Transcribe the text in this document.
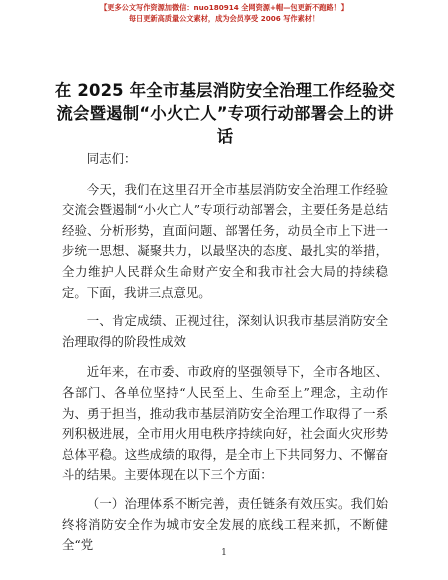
【更多公文写作资源加微信：nuo180914 全网资源+帽—包更新不跑路！】
每日更新高质量公文素材，成为会员享受 2006 写作素材！
在 2025 年全市基层消防安全治理工作经验交流会暨遏制“小火亡人”专项行动部署会上的讲话

同志们：

今天，我们在这里召开全市基层消防安全治理工作经验交流会暨遏制“小火亡人”专项行动部署会，主要任务是总结经验、分析形势，直面问题、部署任务，动员全市上下进一步统一思想、凝聚共力，以最坚决的态度、最扎实的举措，全力维护人民群众生命财产安全和我市社会大局的持续稳定。下面，我讲三点意见。

一、肯定成绩、正视过往，深刻认识我市基层消防安全治理取得的阶段性成效

近年来，在市委、市政府的坚强领导下，全市各地区、各部门、各单位坚持“人民至上、生命至上”理念，主动作为、勇于担当，推动我市基层消防安全治理工作取得了一系列积极进展，全市用火用电秩序持续向好，社会面火灾形势总体平稳。这些成绩的取得，是全市上下共同努力、不懈奋斗的结果。主要体现在以下三个方面：

（一）治理体系不断完善，责任链条有效压实。我们始终将消防安全作为城市安全发展的底线工程来抓，不断健全“党

1
